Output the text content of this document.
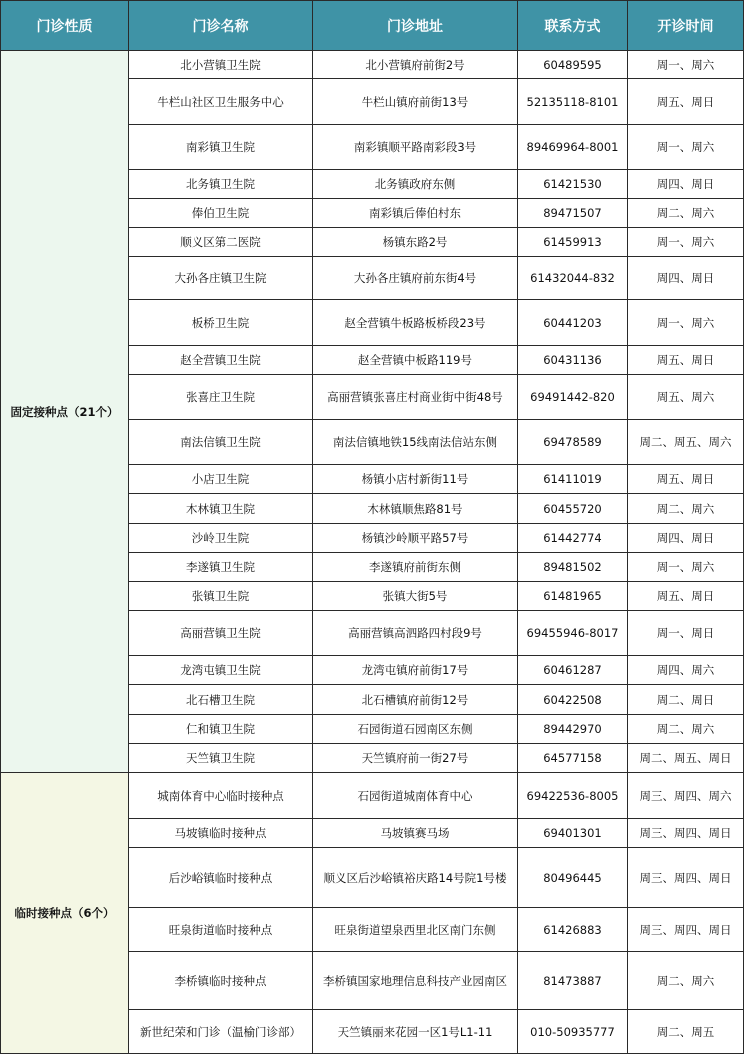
门诊性质	门诊名称	门诊地址	联系方式	开诊时间
固定接种点（21个）	北小营镇卫生院	北小营镇府前街2号	60489595	周一、周六
	牛栏山社区卫生服务中心	牛栏山镇府前街13号	52135118-8101	周五、周日
	南彩镇卫生院	南彩镇顺平路南彩段3号	89469964-8001	周一、周六
	北务镇卫生院	北务镇政府东侧	61421530	周四、周日
	俸伯卫生院	南彩镇后俸伯村东	89471507	周二、周六
	顺义区第二医院	杨镇东路2号	61459913	周一、周六
	大孙各庄镇卫生院	大孙各庄镇府前东街4号	61432044-832	周四、周日
	板桥卫生院	赵全营镇牛板路板桥段23号	60441203	周一、周六
	赵全营镇卫生院	赵全营镇中板路119号	60431136	周五、周日
	张喜庄卫生院	高丽营镇张喜庄村商业街中街48号	69491442-820	周五、周六
	南法信镇卫生院	南法信镇地铁15线南法信站东侧	69478589	周二、周五、周六
	小店卫生院	杨镇小店村新街11号	61411019	周五、周日
	木林镇卫生院	木林镇顺焦路81号	60455720	周二、周六
	沙岭卫生院	杨镇沙岭顺平路57号	61442774	周四、周日
	李遂镇卫生院	李遂镇府前街东侧	89481502	周一、周六
	张镇卫生院	张镇大街5号	61481965	周五、周日
	高丽营镇卫生院	高丽营镇高泗路四村段9号	69455946-8017	周一、周日
	龙湾屯镇卫生院	龙湾屯镇府前街17号	60461287	周四、周六
	北石槽卫生院	北石槽镇府前街12号	60422508	周二、周日
	仁和镇卫生院	石园街道石园南区东侧	89442970	周二、周六
	天竺镇卫生院	天竺镇府前一街27号	64577158	周二、周五、周日
临时接种点（6个）	城南体育中心临时接种点	石园街道城南体育中心	69422536-8005	周三、周四、周六
	马坡镇临时接种点	马坡镇赛马场	69401301	周三、周四、周日
	后沙峪镇临时接种点	顺义区后沙峪镇裕庆路14号院1号楼	80496445	周三、周四、周日
	旺泉街道临时接种点	旺泉街道望泉西里北区南门东侧	61426883	周三、周四、周日
	李桥镇临时接种点	李桥镇国家地理信息科技产业园南区	81473887	周二、周六
	新世纪荣和门诊（温榆门诊部）	天竺镇丽来花园一区1号L1-11	010-50935777	周二、周五
